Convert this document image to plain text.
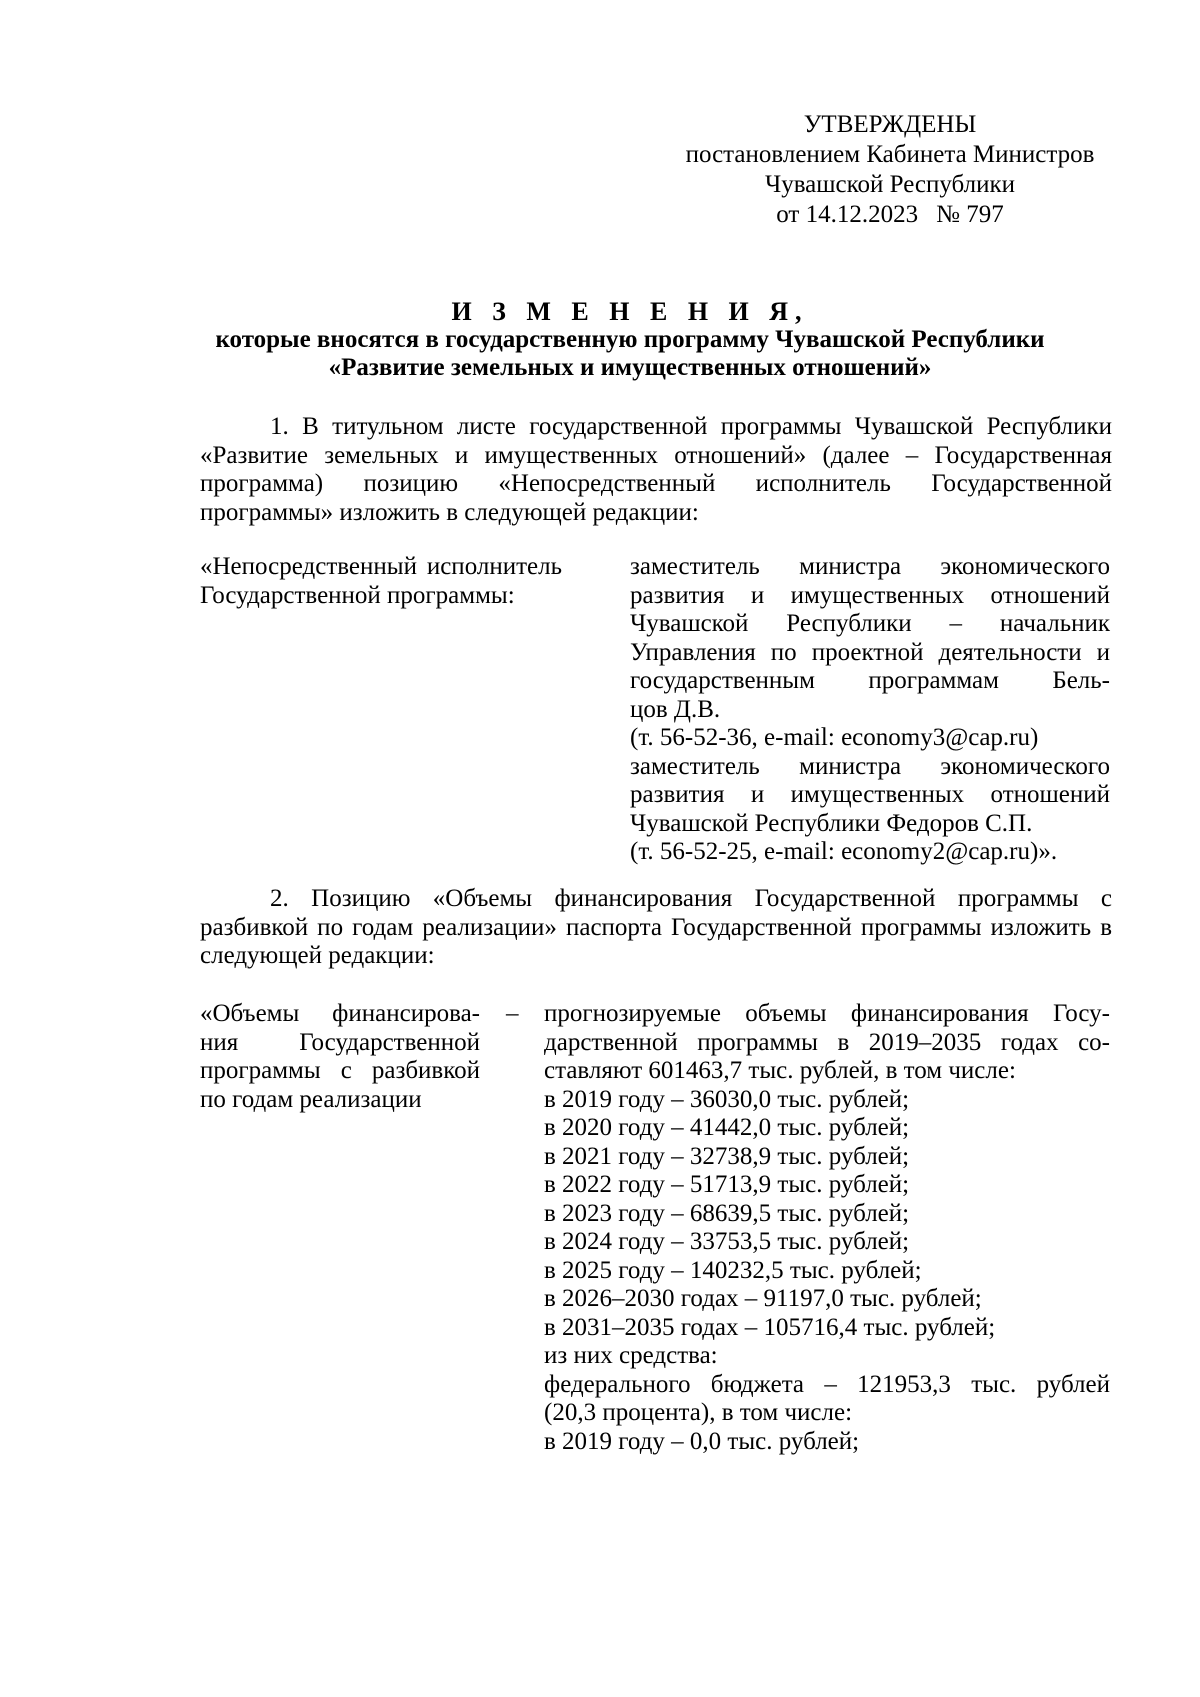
УТВЕРЖДЕНЫ
постановлением Кабинета Министров
Чувашской Республики
от 14.12.2023 № 797
И З М Е Н Е Н И Я,
которые вносятся в государственную программу Чувашской Республики
«Развитие земельных и имущественных отношений»
1. В титульном листе государственной программы Чувашской Республики «Развитие земельных и имущественных отношений» (далее – Государственная программа) позицию «Непосредственный исполнитель Государственной программы» изложить в следующей редакции:
«Непосредственный исполнитель
Государственной программы:
заместитель министра экономического
развития и имущественных отношений
Чувашской Республики – начальник
Управления по проектной деятельности и
государственным программам Бель-
цов Д.В.
(т. 56-52-36, e-mail: economy3@cap.ru)
заместитель министра экономического
развития и имущественных отношений
Чувашской Республики Федоров С.П.
(т. 56-52-25, e-mail: economy2@cap.ru)».
2. Позицию «Объемы финансирования Государственной программы с разбивкой по годам реализации» паспорта Государственной программы изложить в следующей редакции:
«Объемы финансирова-
ния Государственной
программы с разбивкой
по годам реализации
– прогнозируемые объемы финансирования Госу-
дарственной программы в 2019–2035 годах со-
ставляют 601463,7 тыс. рублей, в том числе:
в 2019 году – 36030,0 тыс. рублей;
в 2020 году – 41442,0 тыс. рублей;
в 2021 году – 32738,9 тыс. рублей;
в 2022 году – 51713,9 тыс. рублей;
в 2023 году – 68639,5 тыс. рублей;
в 2024 году – 33753,5 тыс. рублей;
в 2025 году – 140232,5 тыс. рублей;
в 2026–2030 годах – 91197,0 тыс. рублей;
в 2031–2035 годах – 105716,4 тыс. рублей;
из них средства:
федерального бюджета – 121953,3 тыс. рублей
(20,3 процента), в том числе:
в 2019 году – 0,0 тыс. рублей;
